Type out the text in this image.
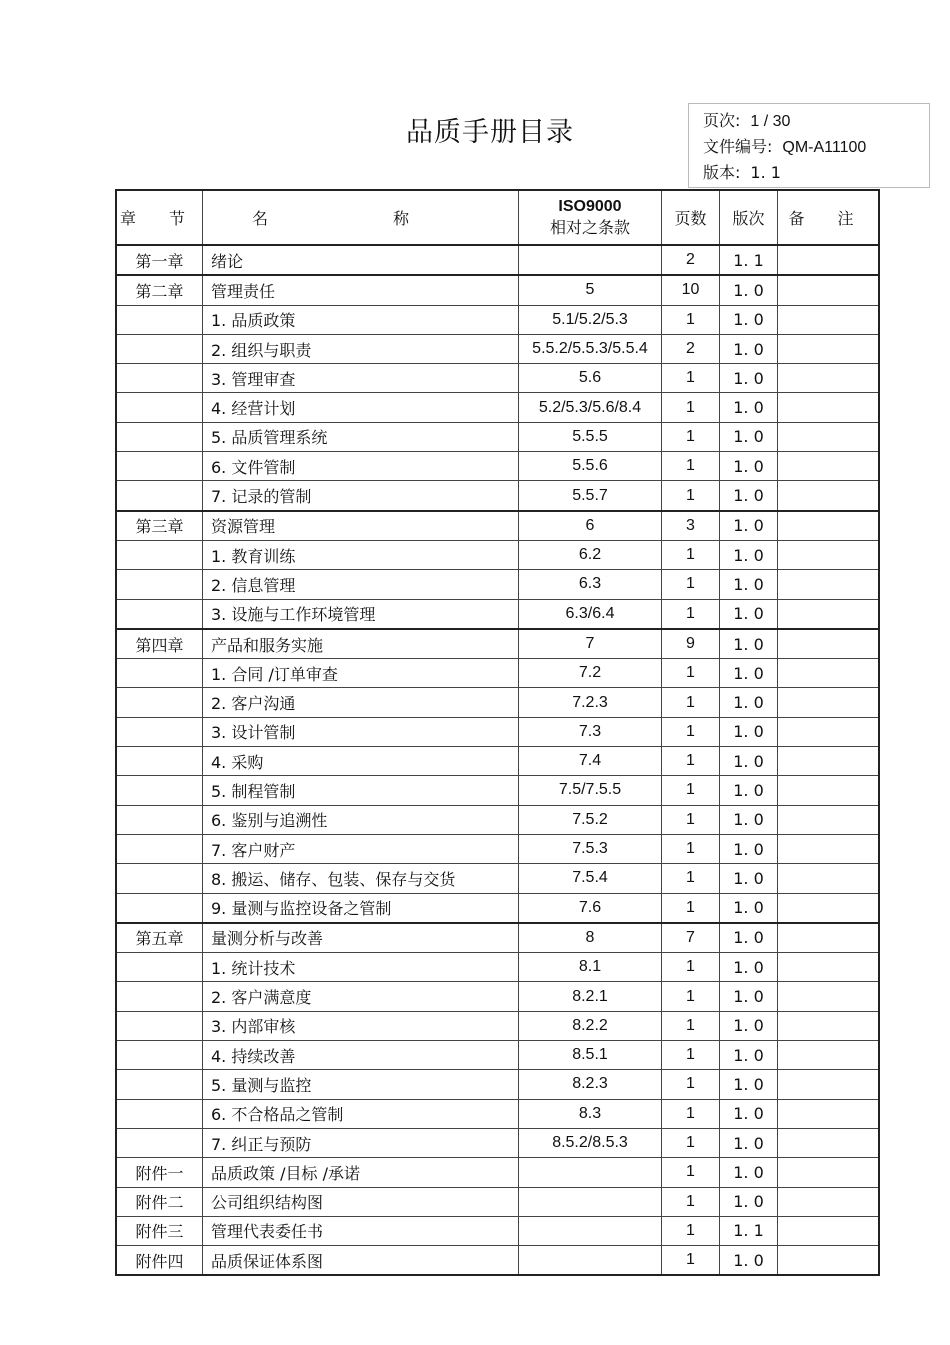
品质手册目录	页次: 1 / 30
文件编号: QM-A11100
版本: 1. 1
章 节	名 称	ISO9000
相对之条款	页数	版次	备 注
第一章	绪论		2	1. 1	
第二章	管理责任	5	10	1. 0	
	1. 品质政策	5.1/5.2/5.3	1	1. 0	
	2. 组织与职责	5.5.2/5.5.3/5.5.4	2	1. 0	
	3. 管理审查	5.6	1	1. 0	
	4. 经营计划	5.2/5.3/5.6/8.4	1	1. 0	
	5. 品质管理系统	5.5.5	1	1. 0	
	6. 文件管制	5.5.6	1	1. 0	
	7. 记录的管制	5.5.7	1	1. 0	
第三章	资源管理	6	3	1. 0	
	1. 教育训练	6.2	1	1. 0	
	2. 信息管理	6.3	1	1. 0	
	3. 设施与工作环境管理	6.3/6.4	1	1. 0	
第四章	产品和服务实施	7	9	1. 0	
	1. 合同 /订单审查	7.2	1	1. 0	
	2. 客户沟通	7.2.3	1	1. 0	
	3. 设计管制	7.3	1	1. 0	
	4. 采购	7.4	1	1. 0	
	5. 制程管制	7.5/7.5.5	1	1. 0	
	6. 鉴别与追溯性	7.5.2	1	1. 0	
	7. 客户财产	7.5.3	1	1. 0	
	8. 搬运、储存、包装、保存与交货	7.5.4	1	1. 0	
	9. 量测与监控设备之管制	7.6	1	1. 0	
第五章	量测分析与改善	8	7	1. 0	
	1. 统计技术	8.1	1	1. 0	
	2. 客户满意度	8.2.1	1	1. 0	
	3. 内部审核	8.2.2	1	1. 0	
	4. 持续改善	8.5.1	1	1. 0	
	5. 量测与监控	8.2.3	1	1. 0	
	6. 不合格品之管制	8.3	1	1. 0	
	7. 纠正与预防	8.5.2/8.5.3	1	1. 0	
附件一	品质政策 /目标 /承诺		1	1. 0	
附件二	公司组织结构图		1	1. 0	
附件三	管理代表委任书		1	1. 1	
附件四	品质保证体系图		1	1. 0	
